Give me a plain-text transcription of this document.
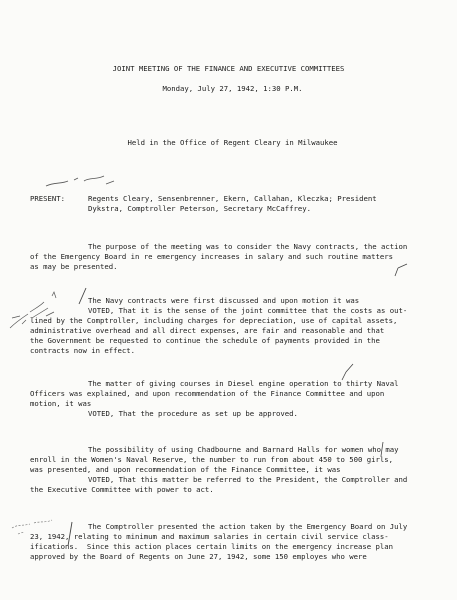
JOINT MEETING OF THE FINANCE AND EXECUTIVE COMMITTEES
Monday, July 27, 1942, 1:30 P.M.
Held in the Office of Regent Cleary in Milwaukee
PRESENT:	Regents Cleary, Sensenbrenner, Ekern, Callahan, Kleczka; President
Dykstra, Comptroller Peterson, Secretary McCaffrey.
The purpose of the meeting was to consider the Navy contracts, the action
of the Emergency Board in re emergency increases in salary and such routine matters
as may be presented.
The Navy contracts were first discussed and upon motion it was
VOTED, That it is the sense of the joint committee that the costs as out-
lined by the Comptroller, including charges for depreciation, use of capital assets,
administrative overhead and all direct expenses, are fair and reasonable and that
the Government be requested to continue the schedule of payments provided in the
contracts now in effect.
The matter of giving courses in Diesel engine operation to thirty Naval
Officers was explained, and upon recommendation of the Finance Committee and upon
motion, it was
VOTED, That the procedure as set up be approved.
The possibility of using Chadbourne and Barnard Halls for women who may
enroll in the Women's Naval Reserve, the number to run from about 450 to 500 girls,
was presented, and upon recommendation of the Finance Committee, it was
VOTED, That this matter be referred to the President, the Comptroller and
the Executive Committee with power to act.
The Comptroller presented the action taken by the Emergency Board on July
23, 1942, relating to minimum and maximum salaries in certain civil service class-
ifications.  Since this action places certain limits on the emergency increase plan
approved by the Board of Regents on June 27, 1942, some 150 employes who were
